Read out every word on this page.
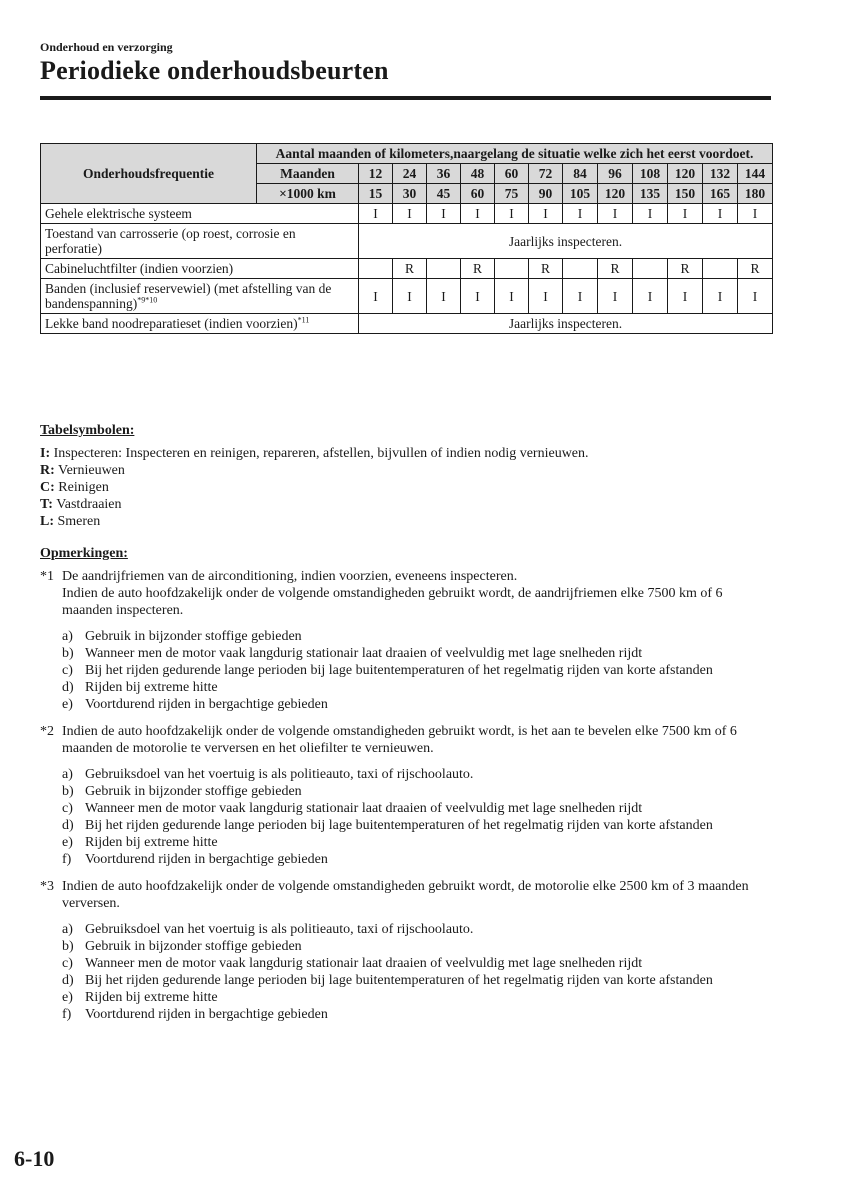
Onderhoud en verzorging
Periodieke onderhoudsbeurten
Onderhoudsfrequentie	Aantal maanden of kilometers,naargelang de situatie welke zich het eerst voordoet.												
	Maanden	12	24	36	48	60	72	84	96	108	120	132	144
	×1000 km	15	30	45	60	75	90	105	120	135	150	165	180
Gehele elektrische systeem		I	I	I	I	I	I	I	I	I	I	I	I
Toestand van carrosserie (op roest, corrosie en perforatie)		Jaarlijks inspecteren.											
Cabineluchtfilter (indien voorzien)			R		R		R		R		R		R
Banden (inclusief reservewiel) (met afstelling van de bandenspanning)$^{*9*10}$		I	I	I	I	I	I	I	I	I	I	I	I
Lekke band noodreparatieset (indien voorzien)$^{*11}$		Jaarlijks inspecteren.											
Tabelsymbolen:
I: Inspecteren: Inspecteren en reinigen, repareren, afstellen, bijvullen of indien nodig vernieuwen.
R: Vernieuwen
C: Reinigen
T: Vastdraaien
L: Smeren
Opmerkingen:
*1 De aandrijfriemen van de airconditioning, indien voorzien, eveneens inspecteren.
Indien de auto hoofdzakelijk onder de volgende omstandigheden gebruikt wordt, de aandrijfriemen elke 7500 km of 6 maanden inspecteren.
a) Gebruik in bijzonder stoffige gebieden
b) Wanneer men de motor vaak langdurig stationair laat draaien of veelvuldig met lage snelheden rijdt
c) Bij het rijden gedurende lange perioden bij lage buitentemperaturen of het regelmatig rijden van korte afstanden
d) Rijden bij extreme hitte
e) Voortdurend rijden in bergachtige gebieden
*2 Indien de auto hoofdzakelijk onder de volgende omstandigheden gebruikt wordt, is het aan te bevelen elke 7500 km of 6 maanden de motorolie te verversen en het oliefilter te vernieuwen.
a) Gebruiksdoel van het voertuig is als politieauto, taxi of rijschoolauto.
b) Gebruik in bijzonder stoffige gebieden
c) Wanneer men de motor vaak langdurig stationair laat draaien of veelvuldig met lage snelheden rijdt
d) Bij het rijden gedurende lange perioden bij lage buitentemperaturen of het regelmatig rijden van korte afstanden
e) Rijden bij extreme hitte
f) Voortdurend rijden in bergachtige gebieden
*3 Indien de auto hoofdzakelijk onder de volgende omstandigheden gebruikt wordt, de motorolie elke 2500 km of 3 maanden verversen.
a) Gebruiksdoel van het voertuig is als politieauto, taxi of rijschoolauto.
b) Gebruik in bijzonder stoffige gebieden
c) Wanneer men de motor vaak langdurig stationair laat draaien of veelvuldig met lage snelheden rijdt
d) Bij het rijden gedurende lange perioden bij lage buitentemperaturen of het regelmatig rijden van korte afstanden
e) Rijden bij extreme hitte
f) Voortdurend rijden in bergachtige gebieden
6-10
